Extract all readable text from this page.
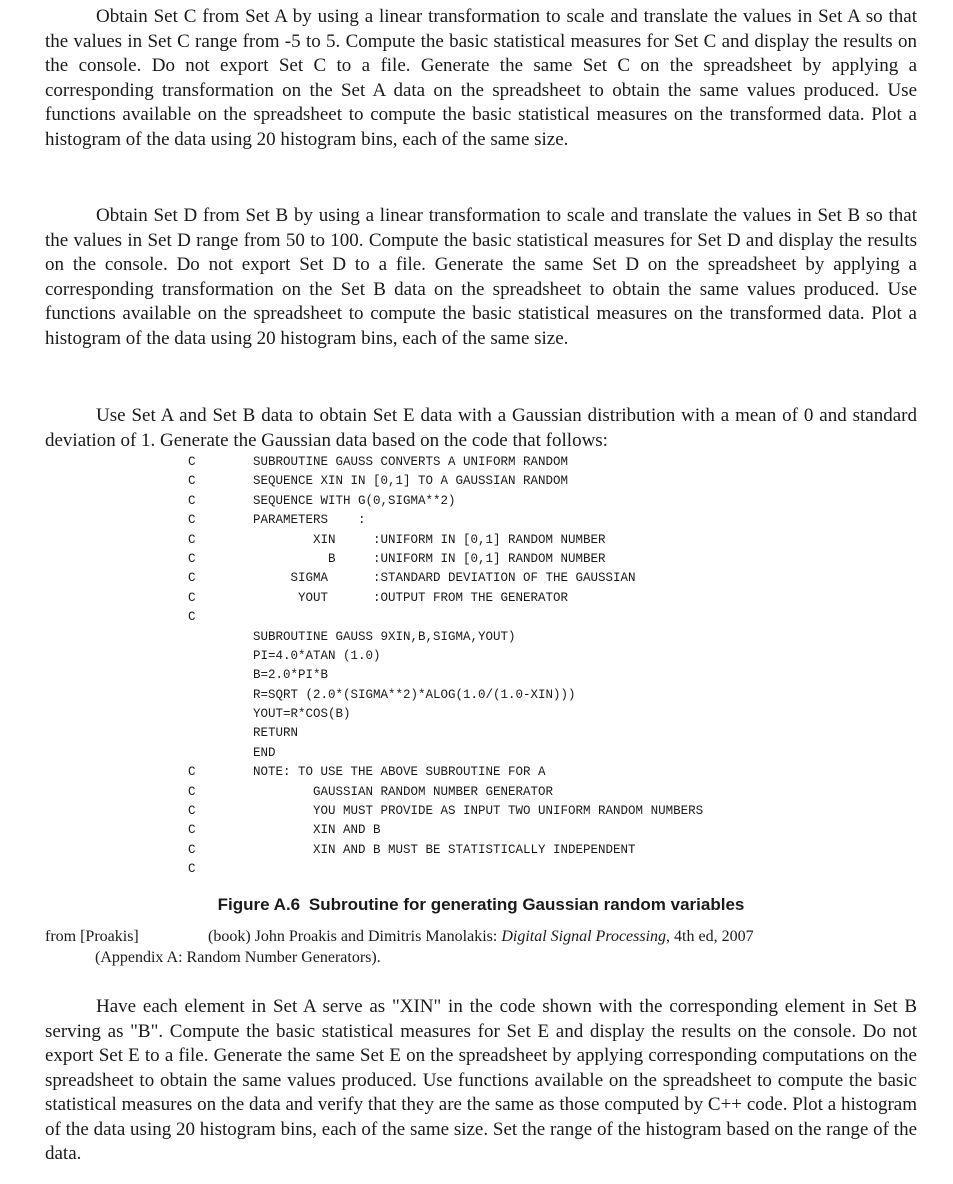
Obtain Set C from Set A by using a linear transformation to scale and translate the values in Set A so that the values in Set C range from -5 to 5. Compute the basic statistical measures for Set C and display the results on the console. Do not export Set C to a file. Generate the same Set C on the spreadsheet by applying a corresponding transformation on the Set A data on the spreadsheet to obtain the same values produced. Use functions available on the spreadsheet to compute the basic statistical measures on the transformed data. Plot a histogram of the data using 20 histogram bins, each of the same size.

Obtain Set D from Set B by using a linear transformation to scale and translate the values in Set B so that the values in Set D range from 50 to 100. Compute the basic statistical measures for Set D and display the results on the console. Do not export Set D to a file. Generate the same Set D on the spreadsheet by applying a corresponding transformation on the Set B data on the spreadsheet to obtain the same values produced. Use functions available on the spreadsheet to compute the basic statistical measures on the transformed data. Plot a histogram of the data using 20 histogram bins, each of the same size.

Use Set A and Set B data to obtain Set E data with a Gaussian distribution with a mean of 0 and standard deviation of 1. Generate the Gaussian data based on the code that follows:

C	SUBROUTINE GAUSS CONVERTS A UNIFORM RANDOM
C	SEQUENCE XIN IN [0,1] TO A GAUSSIAN RANDOM
C	SEQUENCE WITH G(0,SIGMA**2)
C	PARAMETERS    :
C	XIN     :UNIFORM IN [0,1] RANDOM NUMBER
C	B     :UNIFORM IN [0,1] RANDOM NUMBER
C	SIGMA      :STANDARD DEVIATION OF THE GAUSSIAN
C	YOUT      :OUTPUT FROM THE GENERATOR
C
SUBROUTINE GAUSS 9XIN,B,SIGMA,YOUT)
PI=4.0*ATAN (1.0)
B=2.0*PI*B
R=SQRT (2.0*(SIGMA**2)*ALOG(1.0/(1.0-XIN)))
YOUT=R*COS(B)
RETURN
END
C	NOTE: TO USE THE ABOVE SUBROUTINE FOR A
C	GAUSSIAN RANDOM NUMBER GENERATOR
C	YOU MUST PROVIDE AS INPUT TWO UNIFORM RANDOM NUMBERS
C	XIN AND B
C	XIN AND B MUST BE STATISTICALLY INDEPENDENT
C

Figure A.6 Subroutine for generating Gaussian random variables

from [Proakis]	(book) John Proakis and Dimitris Manolakis: Digital Signal Processing, 4th ed, 2007
(Appendix A: Random Number Generators).

Have each element in Set A serve as "XIN" in the code shown with the corresponding element in Set B serving as "B". Compute the basic statistical measures for Set E and display the results on the console. Do not export Set E to a file. Generate the same Set E on the spreadsheet by applying corresponding computations on the spreadsheet to obtain the same values produced. Use functions available on the spreadsheet to compute the basic statistical measures on the data and verify that they are the same as those computed by C++ code. Plot a histogram of the data using 20 histogram bins, each of the same size. Set the range of the histogram based on the range of the data.
